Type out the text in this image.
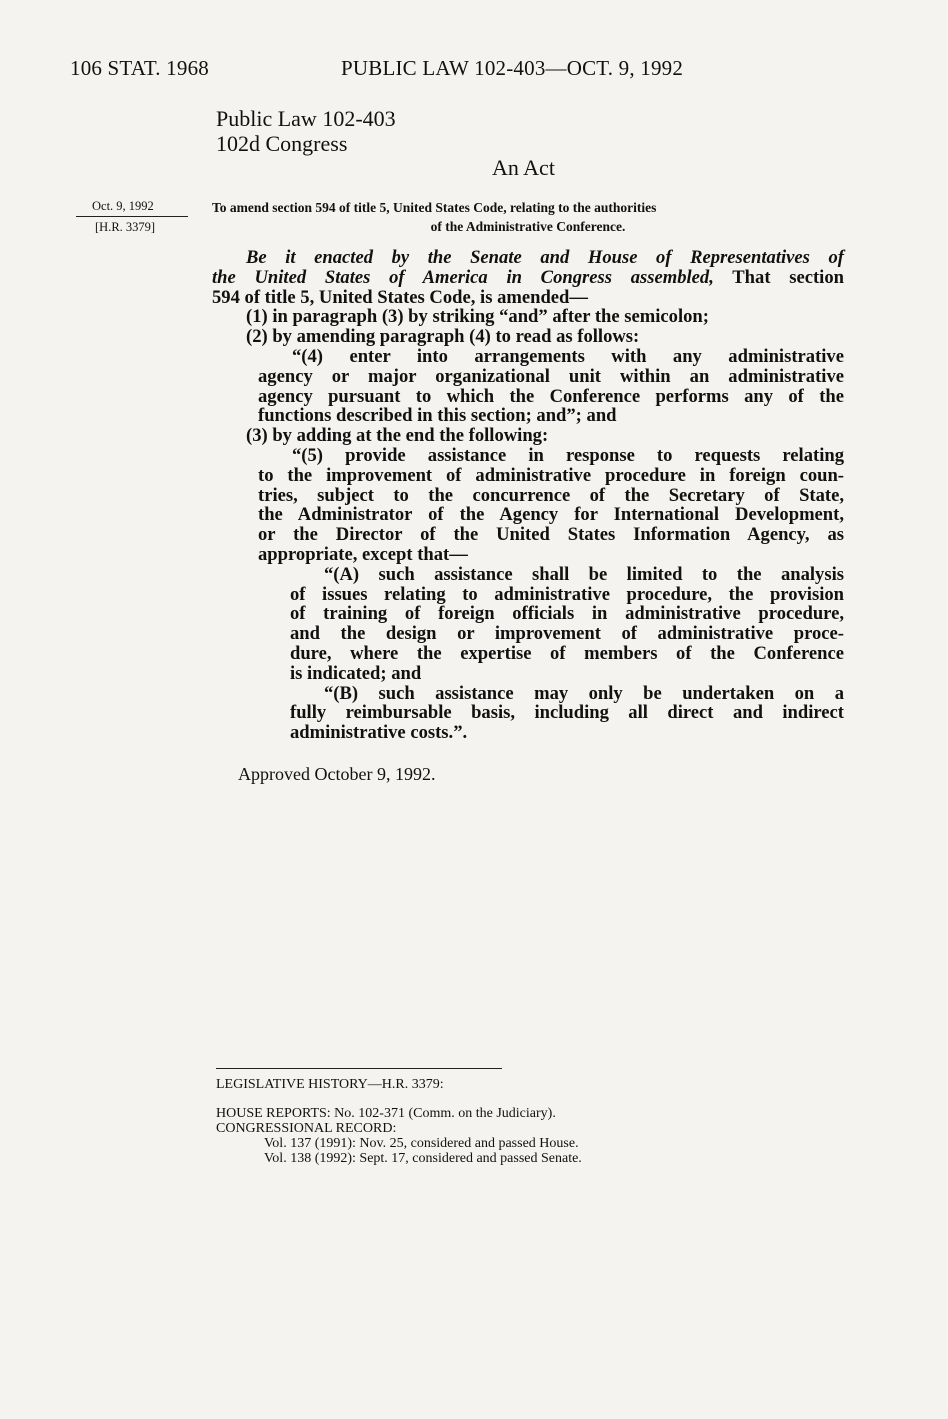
106 STAT. 1968	PUBLIC LAW 102-403—OCT. 9, 1992
Public Law 102-403
102d Congress
An Act
Oct. 9, 1992
[H.R. 3379]
To amend section 594 of title 5, United States Code, relating to the authorities
of the Administrative Conference.

Be it enacted by the Senate and House of Representatives of

the United States of America in Congress assembled, That section

594 of title 5, United States Code, is amended—

(1) in paragraph (3) by striking “and” after the semicolon;

(2) by amending paragraph (4) to read as follows:

“(4) enter into arrangements with any administrative

agency or major organizational unit within an administrative

agency pursuant to which the Conference performs any of the

functions described in this section; and”; and

(3) by adding at the end the following:

“(5) provide assistance in response to requests relating

to the improvement of administrative procedure in foreign coun-

tries, subject to the concurrence of the Secretary of State,

the Administrator of the Agency for International Development,

or the Director of the United States Information Agency, as

appropriate, except that—

“(A) such assistance shall be limited to the analysis

of issues relating to administrative procedure, the provision

of training of foreign officials in administrative procedure,

and the design or improvement of administrative proce-

dure, where the expertise of members of the Conference

is indicated; and

“(B) such assistance may only be undertaken on a

fully reimbursable basis, including all direct and indirect

administrative costs.”.

Approved October 9, 1992.
LEGISLATIVE HISTORY—H.R. 3379:
HOUSE REPORTS: No. 102-371 (Comm. on the Judiciary).
CONGRESSIONAL RECORD:
Vol. 137 (1991): Nov. 25, considered and passed House.
Vol. 138 (1992): Sept. 17, considered and passed Senate.
